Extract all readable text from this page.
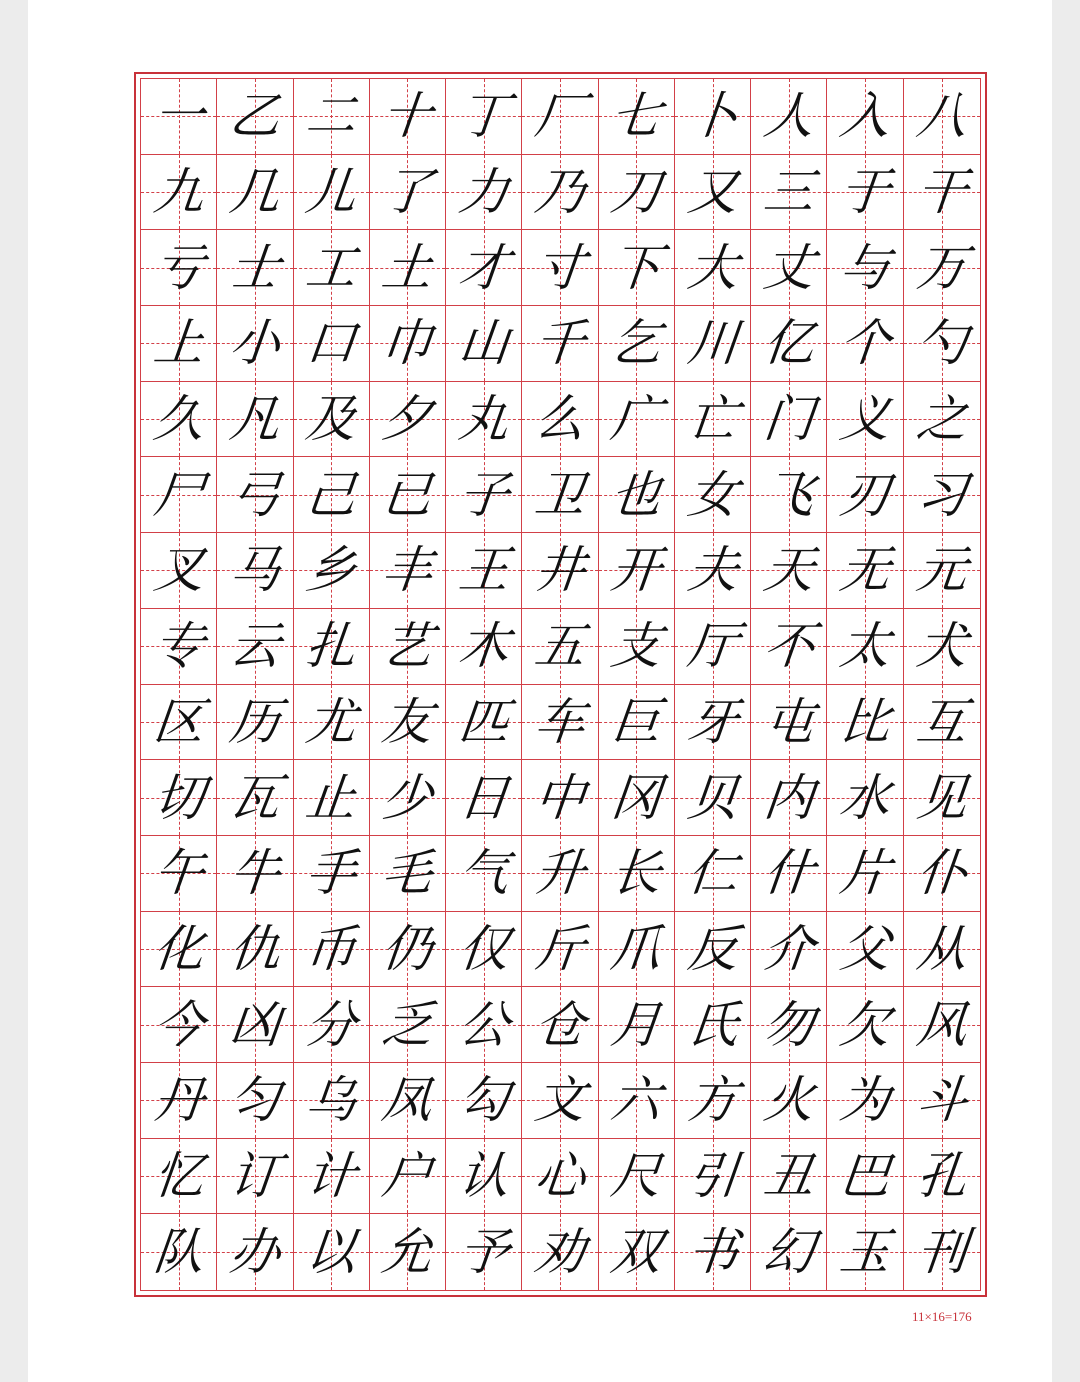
一 乙 二 十 丁 厂 七 卜 人 入 八
九 几 儿 了 力 乃 刀 又 三 于 干
亏 士 工 土 才 寸 下 大 丈 与 万
上 小 口 巾 山 千 乞 川 亿 个 勺
久 凡 及 夕 丸 么 广 亡 门 义 之
尸 弓 己 已 子 卫 也 女 飞 刃 习
叉 马 乡 丰 王 井 开 夫 天 无 元
专 云 扎 艺 木 五 支 厅 不 太 犬
区 历 尤 友 匹 车 巨 牙 屯 比 互
切 瓦 止 少 日 中 冈 贝 内 水 见
午 牛 手 毛 气 升 长 仁 什 片 仆
化 仇 币 仍 仅 斤 爪 反 介 父 从
今 凶 分 乏 公 仓 月 氏 勿 欠 风
丹 匀 乌 凤 勾 文 六 方 火 为 斗
忆 订 计 户 认 心 尺 引 丑 巴 孔
队 办 以 允 予 劝 双 书 幻 玉 刊
11×16=176
